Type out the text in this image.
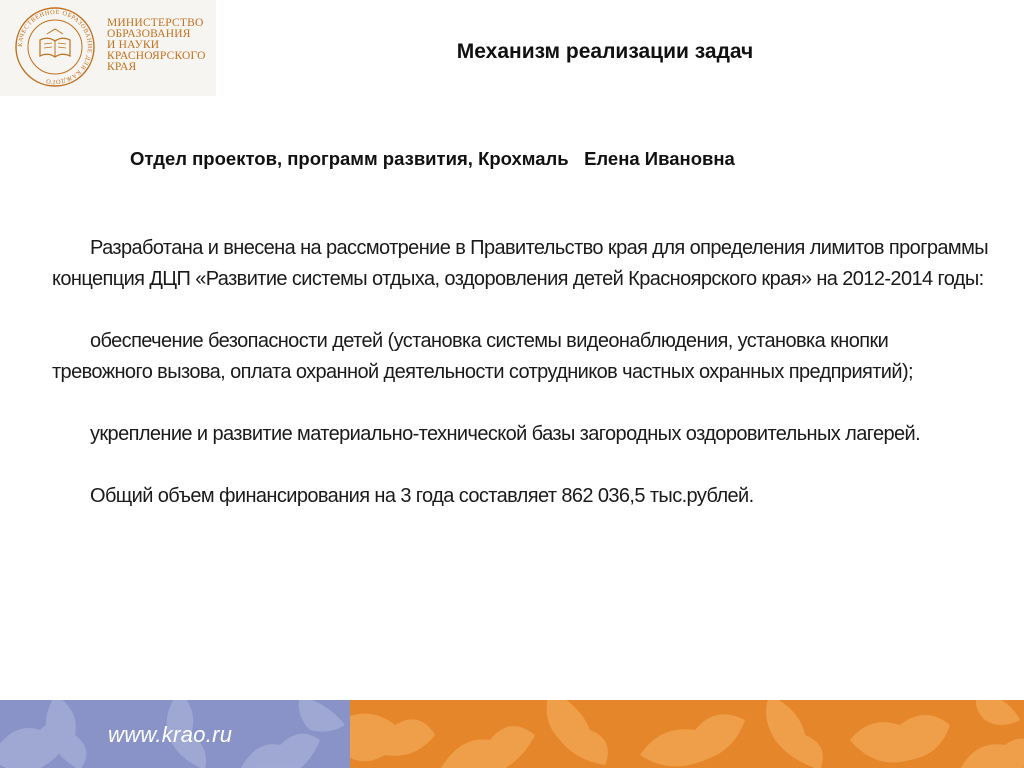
КАЧЕСТВЕННОЕ ОБРАЗОВАНИЕ ДЛЯ КАЖДОГО
МИНИСТЕРСТВО
ОБРАЗОВАНИЯ
И НАУКИ
КРАСНОЯРСКОГО
КРАЯ
Механизм реализации задач
Отдел проектов, программ развития, Крохмаль   Елена Ивановна

Разработана и внесена на рассмотрение в Правительство края для определения лимитов программы концепция ДЦП «Развитие системы отдыха, оздоровления детей Красноярского края» на 2012-2014 годы:

обеспечение безопасности детей (установка системы видеонаблюдения, установка кнопки тревожного вызова, оплата охранной деятельности сотрудников частных охранных предприятий);

укрепление и развитие материально-технической базы загородных оздоровительных лагерей.

Общий объем финансирования на 3 года составляет 862 036,5 тыс.рублей.

www.krao.ru
